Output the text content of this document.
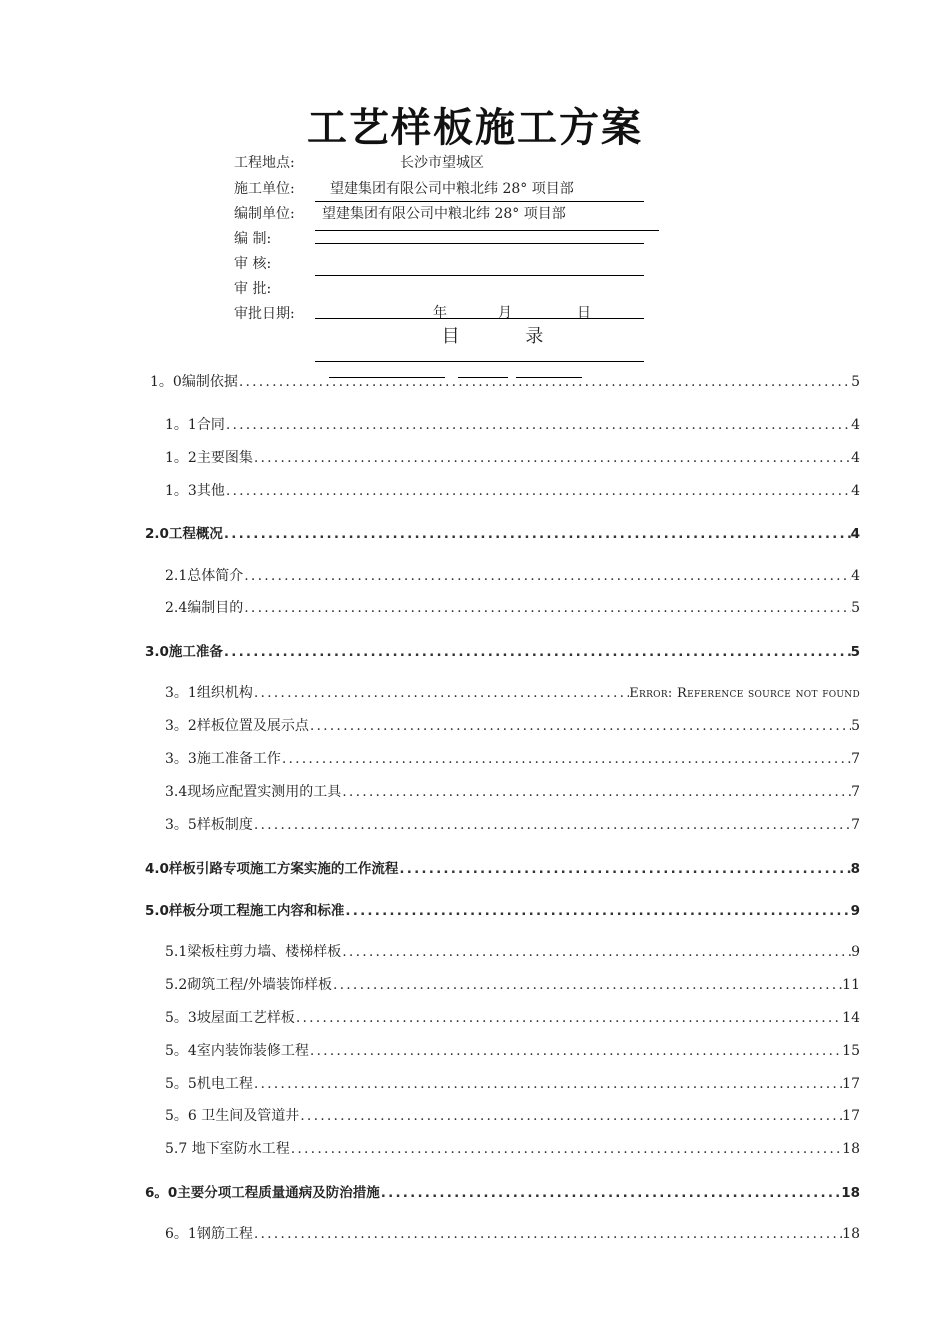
工艺样板施工方案
工程地点:	长沙市望城区
施工单位:	望建集团有限公司中粮北纬 28° 项目部
编制单位: 望建集团有限公司中粮北纬 28° 项目部
编 制:
审 核:
审 批:
审批日期:	年	月	日
目 录
1。0编制依据 .....	5
1。1合同 .....	4
1。2主要图集 .....	4
1。3其他 .....	4
2.0工程概况 .....	4
2.1总体简介 .....	4
2.4编制目的 .....	5
3.0施工准备 .....	5
3。1组织机构 .....	Error: Reference source not found
3。2样板位置及展示点 .....	5
3。3施工准备工作 .....	7
3.4现场应配置实测用的工具 .....	7
3。5样板制度 .....	7
4.0样板引路专项施工方案实施的工作流程 .....	8
5.0样板分项工程施工内容和标准 .....	9
5.1梁板柱剪力墙、楼梯样板 .....	9
5.2砌筑工程/外墙装饰样板 .....	11
5。3坡屋面工艺样板 .....	14
5。4室内装饰装修工程 .....	15
5。5机电工程 .....	17
5。6 卫生间及管道井 .....	17
5.7 地下室防水工程 .....	18
6。0主要分项工程质量通病及防治措施 .....	18
6。1钢筋工程 .....	18
